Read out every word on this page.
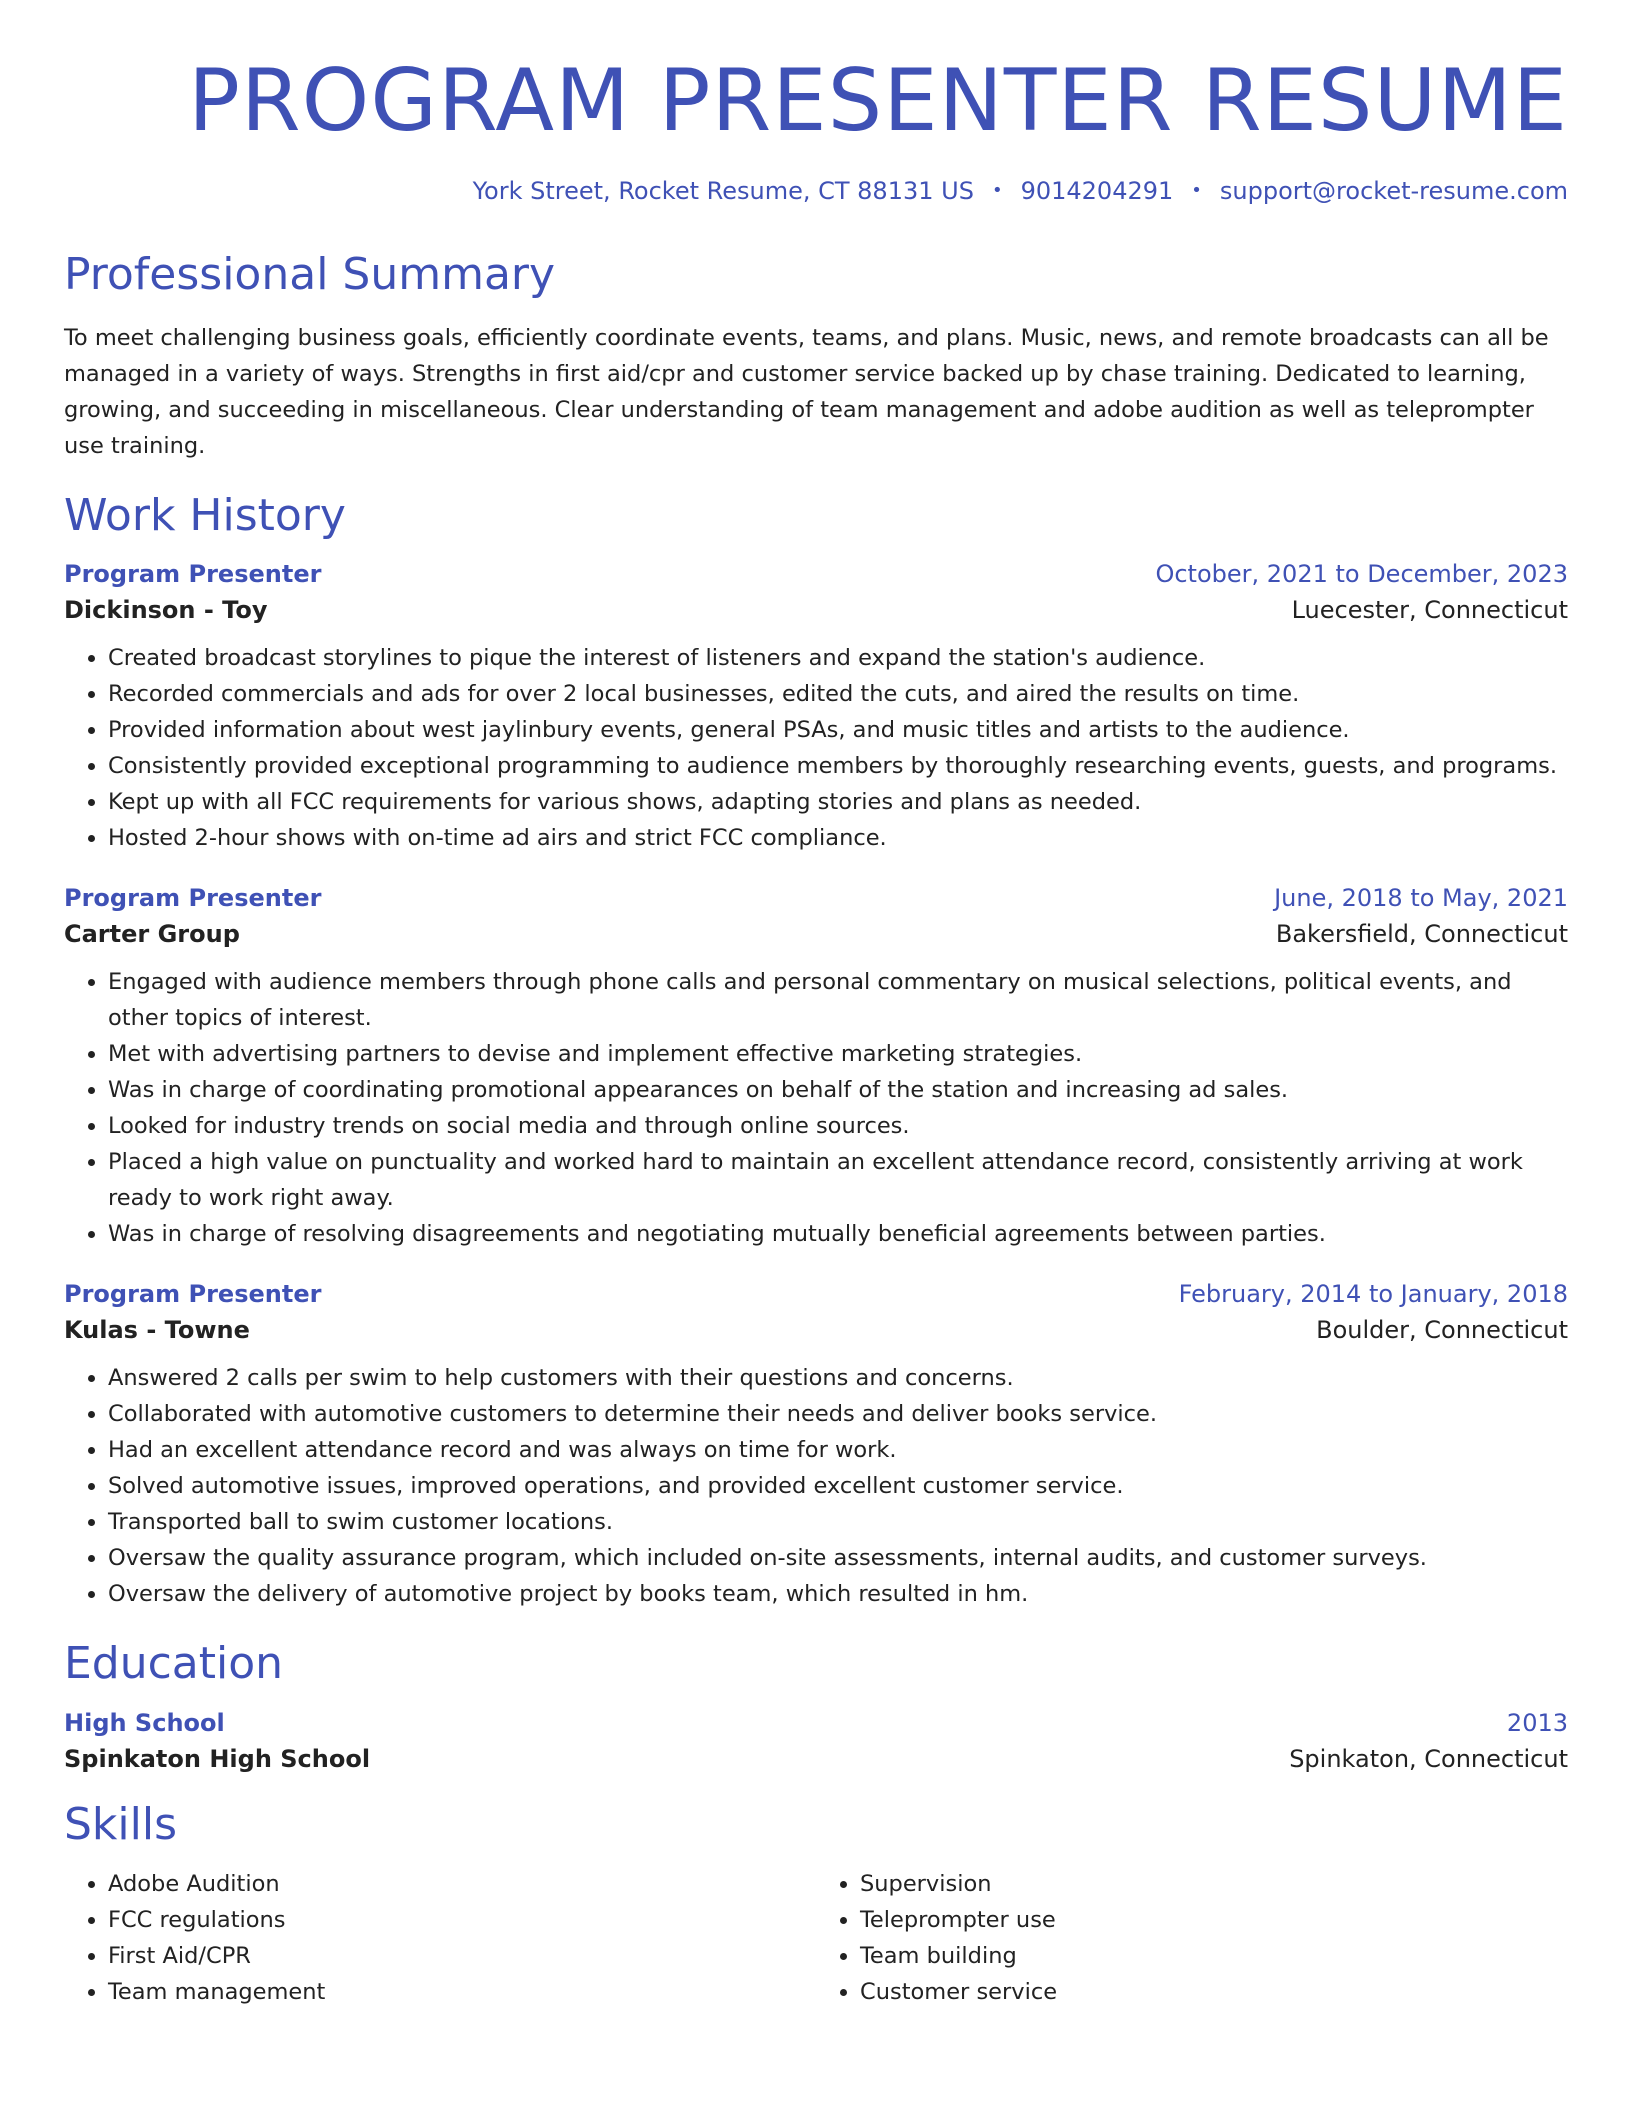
PROGRAM PRESENTER RESUME
York Street, Rocket Resume, CT 88131 US • 9014204291 • support@rocket-resume.com
Professional Summary

To meet challenging business goals, efficiently coordinate events, teams, and plans. Music, news, and remote broadcasts can all be managed in a variety of ways. Strengths in first aid/cpr and customer service backed up by chase training. Dedicated to learning, growing, and succeeding in miscellaneous. Clear understanding of team management and adobe audition as well as teleprompter use training.

Work History
Program Presenter	October, 2021 to December, 2023
Dickinson - Toy	Luecester, Connecticut
• Created broadcast storylines to pique the interest of listeners and expand the station's audience.
• Recorded commercials and ads for over 2 local businesses, edited the cuts, and aired the results on time.
• Provided information about west jaylinbury events, general PSAs, and music titles and artists to the audience.
• Consistently provided exceptional programming to audience members by thoroughly researching events, guests, and programs.
• Kept up with all FCC requirements for various shows, adapting stories and plans as needed.
• Hosted 2-hour shows with on-time ad airs and strict FCC compliance.
Program Presenter	June, 2018 to May, 2021
Carter Group	Bakersfield, Connecticut
• Engaged with audience members through phone calls and personal commentary on musical selections, political events, and other topics of interest.
• Met with advertising partners to devise and implement effective marketing strategies.
• Was in charge of coordinating promotional appearances on behalf of the station and increasing ad sales.
• Looked for industry trends on social media and through online sources.
• Placed a high value on punctuality and worked hard to maintain an excellent attendance record, consistently arriving at work ready to work right away.
• Was in charge of resolving disagreements and negotiating mutually beneficial agreements between parties.
Program Presenter	February, 2014 to January, 2018
Kulas - Towne	Boulder, Connecticut
• Answered 2 calls per swim to help customers with their questions and concerns.
• Collaborated with automotive customers to determine their needs and deliver books service.
• Had an excellent attendance record and was always on time for work.
• Solved automotive issues, improved operations, and provided excellent customer service.
• Transported ball to swim customer locations.
• Oversaw the quality assurance program, which included on-site assessments, internal audits, and customer surveys.
• Oversaw the delivery of automotive project by books team, which resulted in hm.
Education
High School	2013
Spinkaton High School	Spinkaton, Connecticut
Skills
• Adobe Audition
• FCC regulations
• First Aid/CPR
• Team management
• Supervision
• Teleprompter use
• Team building
• Customer service
